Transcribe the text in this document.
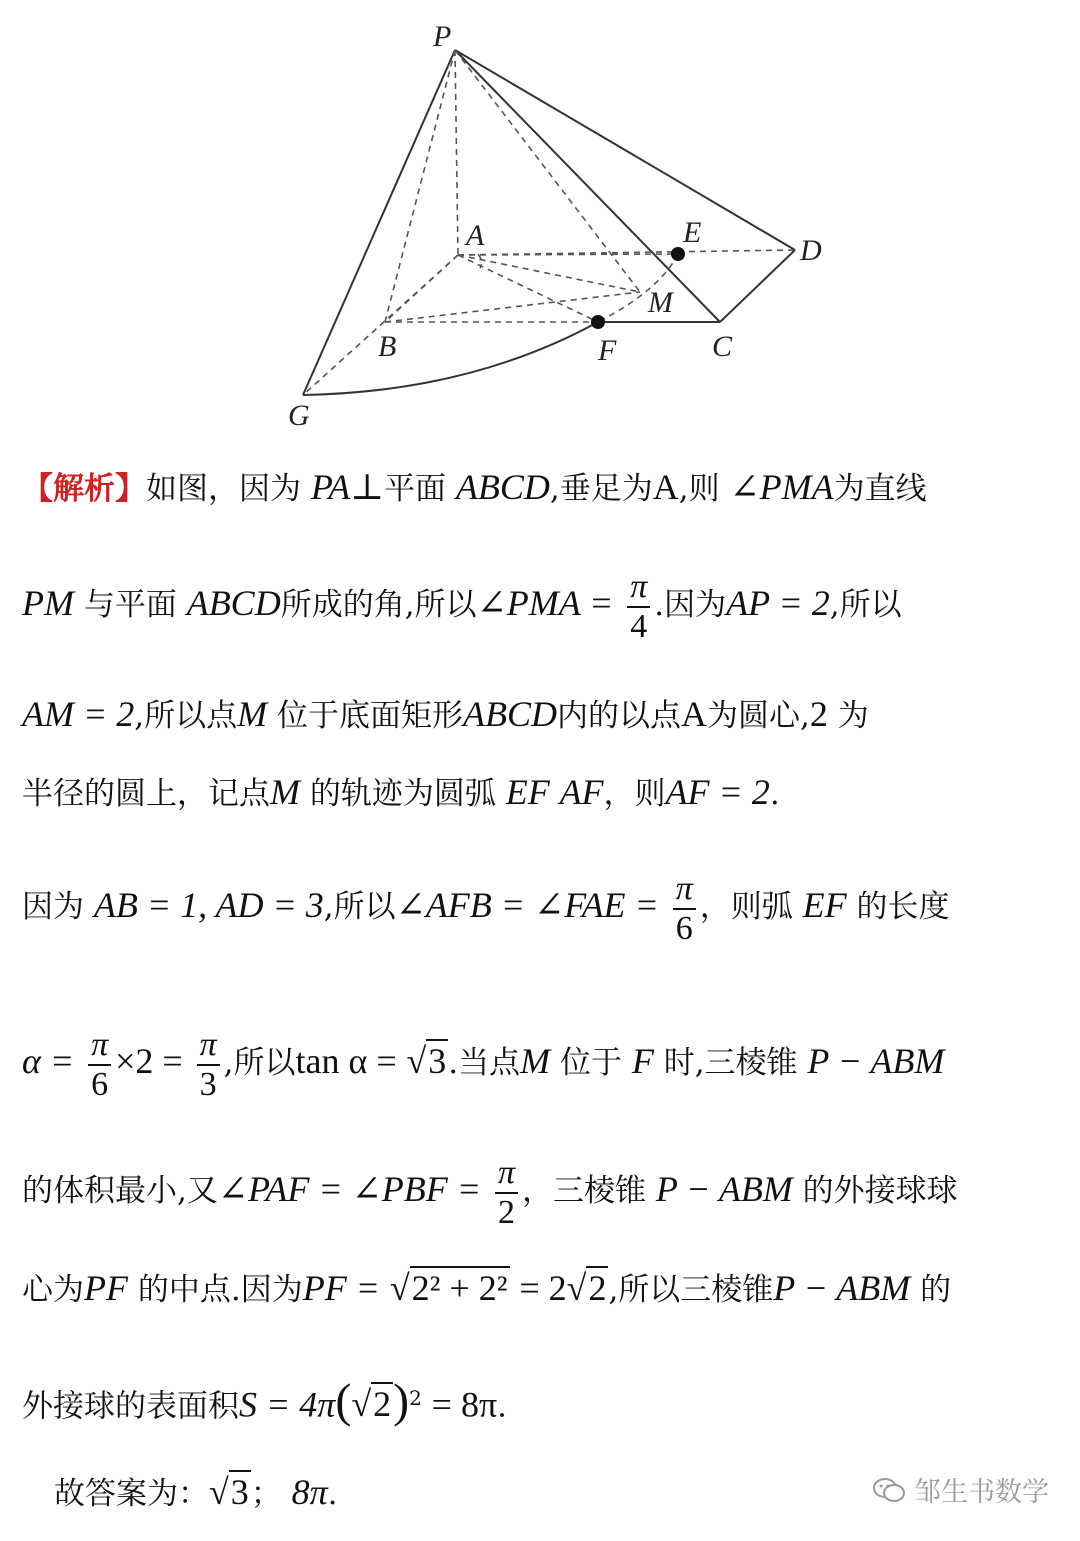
P
A	E
D
M
B	F	C
G
【解析】如图，因为 PA⊥平面 ABCD,垂足为A,则 ∠PMA为直线
PM 与平面 ABCD所成的角,所以∠PMA = $\frac{\pi}{4}$ .因为AP = 2,所以
AM = 2,所以点M 位于底面矩形ABCD内的以点A为圆心,2 为
半径的圆上，记点M 的轨迹为圆弧 EF AF，则AF = 2.
因为 AB = 1, AD = 3,所以∠AFB = ∠FAE = $\frac{\pi}{6}$ ，则弧 EF 的长度
$\alpha = \frac{\pi}{6} \times 2 = \frac{\pi}{3}$ ,所以tan α = √3.当点M 位于 F 时,三棱锥 P − ABM
的体积最小,又∠PAF = ∠PBF = $\frac{\pi}{2}$ ，三棱锥 P − ABM 的外接球球
心为PF 的中点.因为PF = √2² + 2² = 2√2,所以三棱锥P − ABM 的
外接球的表面积$S = 4\pi(√2)^2 = 8\pi$.
故答案为：√3； 8π.	邹生书数学
